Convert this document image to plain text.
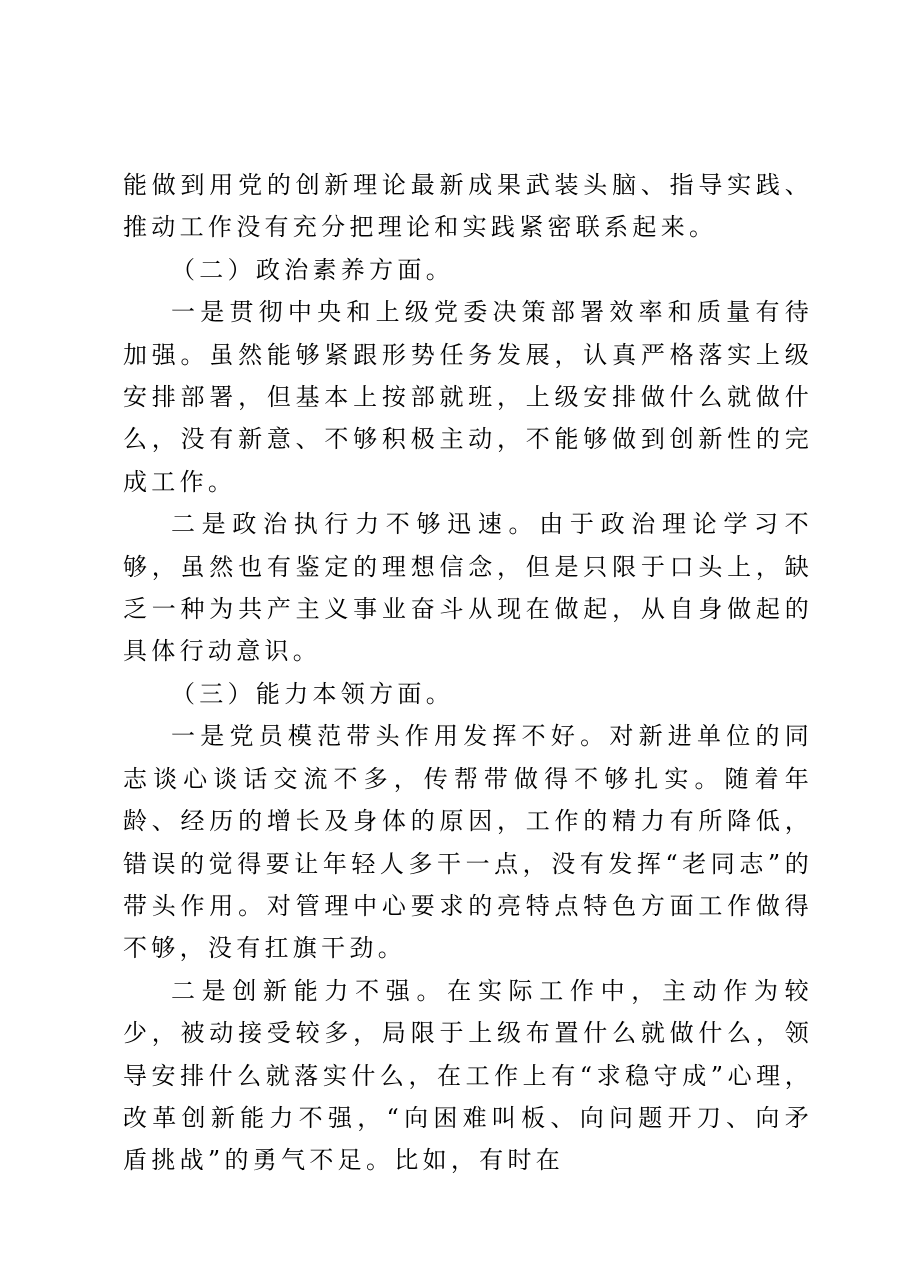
能做到用党的创新理论最新成果武装头脑、指导实践、推动工作没有充分把理论和实践紧密联系起来。

（二）政治素养方面。

一是贯彻中央和上级党委决策部署效率和质量有待加强。虽然能够紧跟形势任务发展，认真严格落实上级安排部署，但基本上按部就班，上级安排做什么就做什么，没有新意、不够积极主动，不能够做到创新性的完成工作。

二是政治执行力不够迅速。由于政治理论学习不够，虽然也有鉴定的理想信念，但是只限于口头上，缺乏一种为共产主义事业奋斗从现在做起，从自身做起的具体行动意识。

（三）能力本领方面。

一是党员模范带头作用发挥不好。对新进单位的同志谈心谈话交流不多，传帮带做得不够扎实。随着年龄、经历的增长及身体的原因，工作的精力有所降低，错误的觉得要让年轻人多干一点，没有发挥“老同志”的带头作用。对管理中心要求的亮特点特色方面工作做得不够，没有扛旗干劲。

二是创新能力不强。在实际工作中，主动作为较少，被动接受较多，局限于上级布置什么就做什么，领导安排什么就落实什么，在工作上有“求稳守成”心理，改革创新能力不强，“向困难叫板、向问题开刀、向矛盾挑战”的勇气不足。比如，有时在
